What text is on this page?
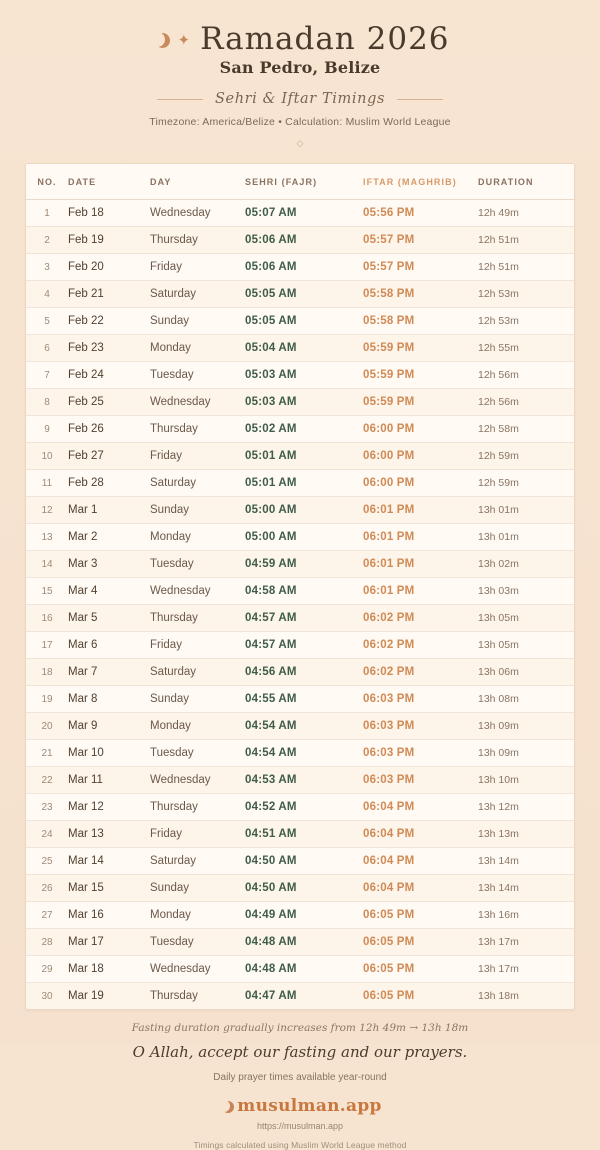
✦ Ramadan 2026
San Pedro, Belize
Sehri & Iftar Timings
Timezone: America/Belize • Calculation: Muslim World League
◇
NO.	DATE	DAY	SEHRI (FAJR)	IFTAR (MAGHRIB)	DURATION
1	Feb 18	Wednesday	05:07 AM	05:56 PM	12h 49m
2	Feb 19	Thursday	05:06 AM	05:57 PM	12h 51m
3	Feb 20	Friday	05:06 AM	05:57 PM	12h 51m
4	Feb 21	Saturday	05:05 AM	05:58 PM	12h 53m
5	Feb 22	Sunday	05:05 AM	05:58 PM	12h 53m
6	Feb 23	Monday	05:04 AM	05:59 PM	12h 55m
7	Feb 24	Tuesday	05:03 AM	05:59 PM	12h 56m
8	Feb 25	Wednesday	05:03 AM	05:59 PM	12h 56m
9	Feb 26	Thursday	05:02 AM	06:00 PM	12h 58m
10	Feb 27	Friday	05:01 AM	06:00 PM	12h 59m
11	Feb 28	Saturday	05:01 AM	06:00 PM	12h 59m
12	Mar 1	Sunday	05:00 AM	06:01 PM	13h 01m
13	Mar 2	Monday	05:00 AM	06:01 PM	13h 01m
14	Mar 3	Tuesday	04:59 AM	06:01 PM	13h 02m
15	Mar 4	Wednesday	04:58 AM	06:01 PM	13h 03m
16	Mar 5	Thursday	04:57 AM	06:02 PM	13h 05m
17	Mar 6	Friday	04:57 AM	06:02 PM	13h 05m
18	Mar 7	Saturday	04:56 AM	06:02 PM	13h 06m
19	Mar 8	Sunday	04:55 AM	06:03 PM	13h 08m
20	Mar 9	Monday	04:54 AM	06:03 PM	13h 09m
21	Mar 10	Tuesday	04:54 AM	06:03 PM	13h 09m
22	Mar 11	Wednesday	04:53 AM	06:03 PM	13h 10m
23	Mar 12	Thursday	04:52 AM	06:04 PM	13h 12m
24	Mar 13	Friday	04:51 AM	06:04 PM	13h 13m
25	Mar 14	Saturday	04:50 AM	06:04 PM	13h 14m
26	Mar 15	Sunday	04:50 AM	06:04 PM	13h 14m
27	Mar 16	Monday	04:49 AM	06:05 PM	13h 16m
28	Mar 17	Tuesday	04:48 AM	06:05 PM	13h 17m
29	Mar 18	Wednesday	04:48 AM	06:05 PM	13h 17m
30	Mar 19	Thursday	04:47 AM	06:05 PM	13h 18m
Fasting duration gradually increases from 12h 49m → 13h 18m
O Allah, accept our fasting and our prayers.
Daily prayer times available year-round
musulman.app
https://musulman.app
Timings calculated using Muslim World League method
